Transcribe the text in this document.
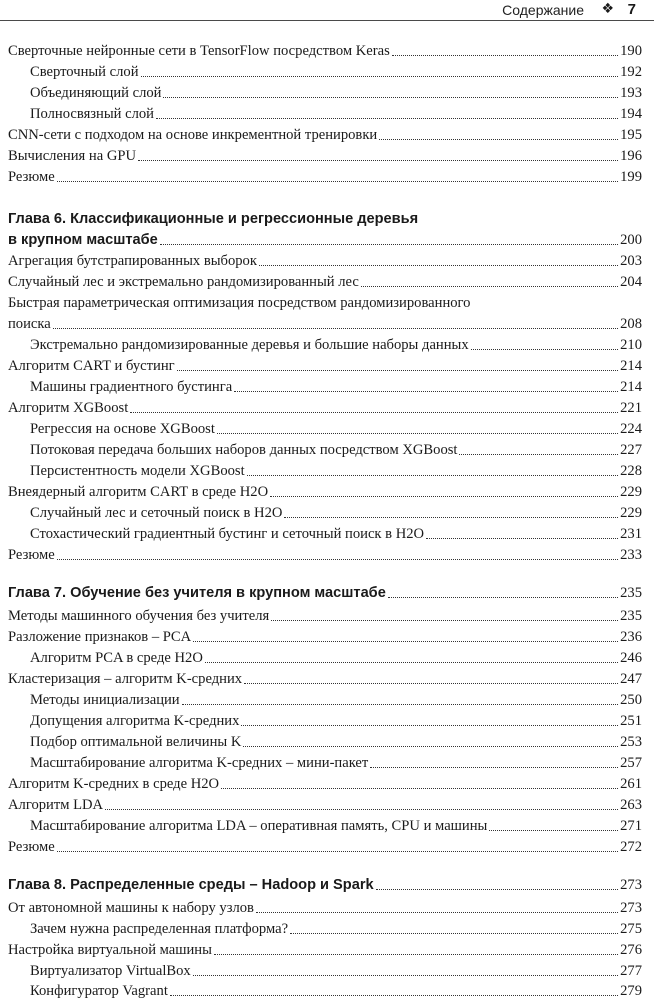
Содержание ❖ 7
Сверточные нейронные сети в TensorFlow посредством Keras	190
Сверточный слой	192
Объединяющий слой	193
Полносвязный слой	194
CNN-сети с подходом на основе инкрементной тренировки	195
Вычисления на GPU	196
Резюме	199
Глава 6. Классификационные и регрессионные деревья
в крупном масштабе	200
Агрегация бутстрапированных выборок	203
Случайный лес и экстремально рандомизированный лес	204
Быстрая параметрическая оптимизация посредством рандомизированного
поиска	208
Экстремально рандомизированные деревья и большие наборы данных	210
Алгоритм CART и бустинг	214
Машины градиентного бустинга	214
Алгоритм XGBoost	221
Регрессия на основе XGBoost	224
Потоковая передача больших наборов данных посредством XGBoost	227
Персистентность модели XGBoost	228
Внеядерный алгоритм CART в среде H2O	229
Случайный лес и сеточный поиск в H2O	229
Стохастический градиентный бустинг и сеточный поиск в H2O	231
Резюме	233
Глава 7. Обучение без учителя в крупном масштабе	235
Методы машинного обучения без учителя	235
Разложение признаков – PCA	236
Алгоритм PCA в среде H2O	246
Кластеризация – алгоритм K-средних	247
Методы инициализации	250
Допущения алгоритма K-средних	251
Подбор оптимальной величины K	253
Масштабирование алгоритма K-средних – мини-пакет	257
Алгоритм K-средних в среде H2O	261
Алгоритм LDA	263
Масштабирование алгоритма LDA – оперативная память, CPU и машины	271
Резюме	272
Глава 8. Распределенные среды – Hadoop и Spark	273
От автономной машины к набору узлов	273
Зачем нужна распределенная платформа?	275
Настройка виртуальной машины	276
Виртуализатор VirtualBox	277
Конфигуратор Vagrant	279
